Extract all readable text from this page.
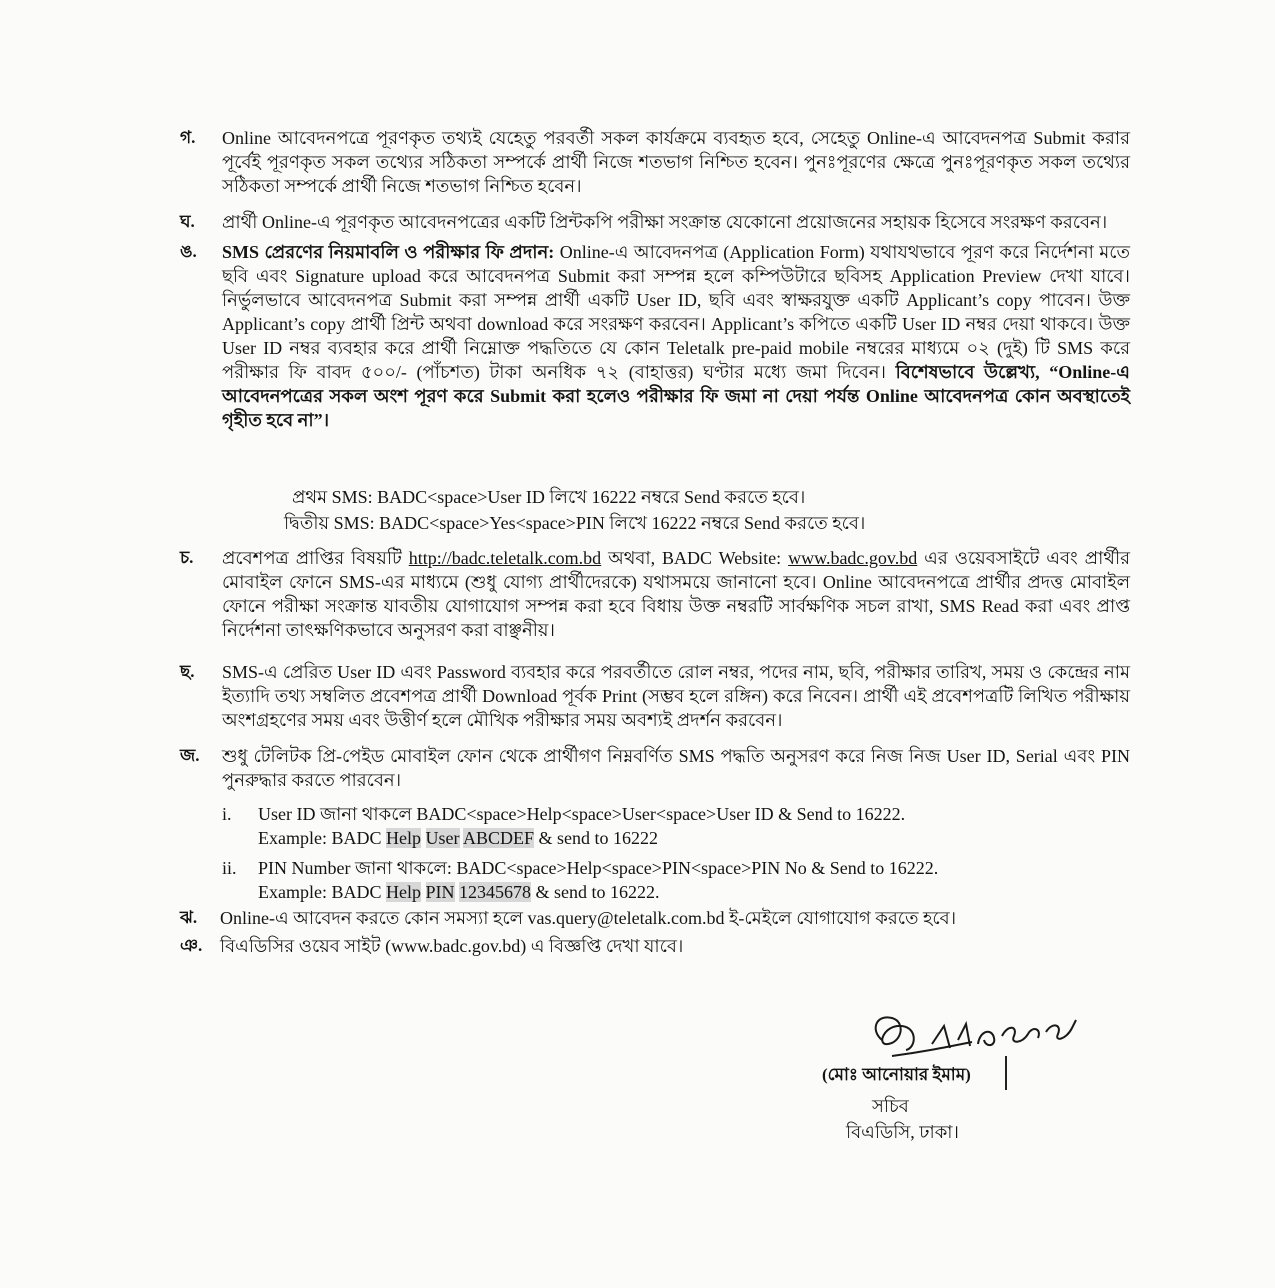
গ.	Online আবেদনপত্রে পূরণকৃত তথ্যই যেহেতু পরবর্তী সকল কার্যক্রমে ব্যবহৃত হবে, সেহেতু Online-এ আবেদনপত্র Submit করার পূর্বেই পূরণকৃত সকল তথ্যের সঠিকতা সম্পর্কে প্রার্থী নিজে শতভাগ নিশ্চিত হবেন। পুনঃপূরণের ক্ষেত্রে পুনঃপূরণকৃত সকল তথ্যের সঠিকতা সম্পর্কে প্রার্থী নিজে শতভাগ নিশ্চিত হবেন।
ঘ.	প্রার্থী Online-এ পূরণকৃত আবেদনপত্রের একটি প্রিন্টকপি পরীক্ষা সংক্রান্ত যেকোনো প্রয়োজনের সহায়ক হিসেবে সংরক্ষণ করবেন।
ঙ.	SMS প্রেরণের নিয়মাবলি ও পরীক্ষার ফি প্রদান: Online-এ আবেদনপত্র (Application Form) যথাযথভাবে পূরণ করে নির্দেশনা মতে ছবি এবং Signature upload করে আবেদনপত্র Submit করা সম্পন্ন হলে কম্পিউটারে ছবিসহ Application Preview দেখা যাবে। নির্ভুলভাবে আবেদনপত্র Submit করা সম্পন্ন প্রার্থী একটি User ID, ছবি এবং স্বাক্ষরযুক্ত একটি Applicant’s copy পাবেন। উক্ত Applicant’s copy প্রার্থী প্রিন্ট অথবা download করে সংরক্ষণ করবেন। Applicant’s কপিতে একটি User ID নম্বর দেয়া থাকবে। উক্ত User ID নম্বর ব্যবহার করে প্রার্থী নিম্নোক্ত পদ্ধতিতে যে কোন Teletalk pre-paid mobile নম্বরের মাধ্যমে ০২ (দুই) টি SMS করে পরীক্ষার ফি বাবদ ৫০০/- (পাঁচশত) টাকা অনধিক ৭২ (বাহাত্তর) ঘণ্টার মধ্যে জমা দিবেন। বিশেষভাবে উল্লেখ্য, “Online-এ আবেদনপত্রের সকল অংশ পূরণ করে Submit করা হলেও পরীক্ষার ফি জমা না দেয়া পর্যন্ত Online আবেদনপত্র কোন অবস্থাতেই গৃহীত হবে না”।
প্রথম SMS: BADC<space>User ID লিখে 16222 নম্বরে Send করতে হবে।
দ্বিতীয় SMS: BADC<space>Yes<space>PIN লিখে 16222 নম্বরে Send করতে হবে।
চ.	প্রবেশপত্র প্রাপ্তির বিষয়টি http://badc.teletalk.com.bd অথবা, BADC Website: www.badc.gov.bd এর ওয়েবসাইটে এবং প্রার্থীর মোবাইল ফোনে SMS-এর মাধ্যমে (শুধু যোগ্য প্রার্থীদেরকে) যথাসময়ে জানানো হবে। Online আবেদনপত্রে প্রার্থীর প্রদত্ত মোবাইল ফোনে পরীক্ষা সংক্রান্ত যাবতীয় যোগাযোগ সম্পন্ন করা হবে বিধায় উক্ত নম্বরটি সার্বক্ষণিক সচল রাখা, SMS Read করা এবং প্রাপ্ত নির্দেশনা তাৎক্ষণিকভাবে অনুসরণ করা বাঞ্ছনীয়।
ছ.	SMS-এ প্রেরিত User ID এবং Password ব্যবহার করে পরবর্তীতে রোল নম্বর, পদের নাম, ছবি, পরীক্ষার তারিখ, সময় ও কেন্দ্রের নাম ইত্যাদি তথ্য সম্বলিত প্রবেশপত্র প্রার্থী Download পূর্বক Print (সম্ভব হলে রঙ্গিন) করে নিবেন। প্রার্থী এই প্রবেশপত্রটি লিখিত পরীক্ষায় অংশগ্রহণের সময় এবং উত্তীর্ণ হলে মৌখিক পরীক্ষার সময় অবশ্যই প্রদর্শন করবেন।
জ.	শুধু টেলিটক প্রি-পেইড মোবাইল ফোন থেকে প্রার্থীগণ নিম্নবর্ণিত SMS পদ্ধতি অনুসরণ করে নিজ নিজ User ID, Serial এবং PIN পুনরুদ্ধার করতে পারবেন।
i. User ID জানা থাকলে BADC<space>Help<space>User<space>User ID & Send to 16222.
Example: BADC Help User ABCDEF & send to 16222
ii. PIN Number জানা থাকলে: BADC<space>Help<space>PIN<space>PIN No & Send to 16222.
Example: BADC Help PIN 12345678 & send to 16222.
ঝ.	Online-এ আবেদন করতে কোন সমস্যা হলে vas.query@teletalk.com.bd ই-মেইলে যোগাযোগ করতে হবে।
ঞ. বিএডিসির ওয়েব সাইট (www.badc.gov.bd) এ বিজ্ঞপ্তি দেখা যাবে।
(মোঃ আনোয়ার ইমাম)
সচিব
বিএডিসি, ঢাকা।
